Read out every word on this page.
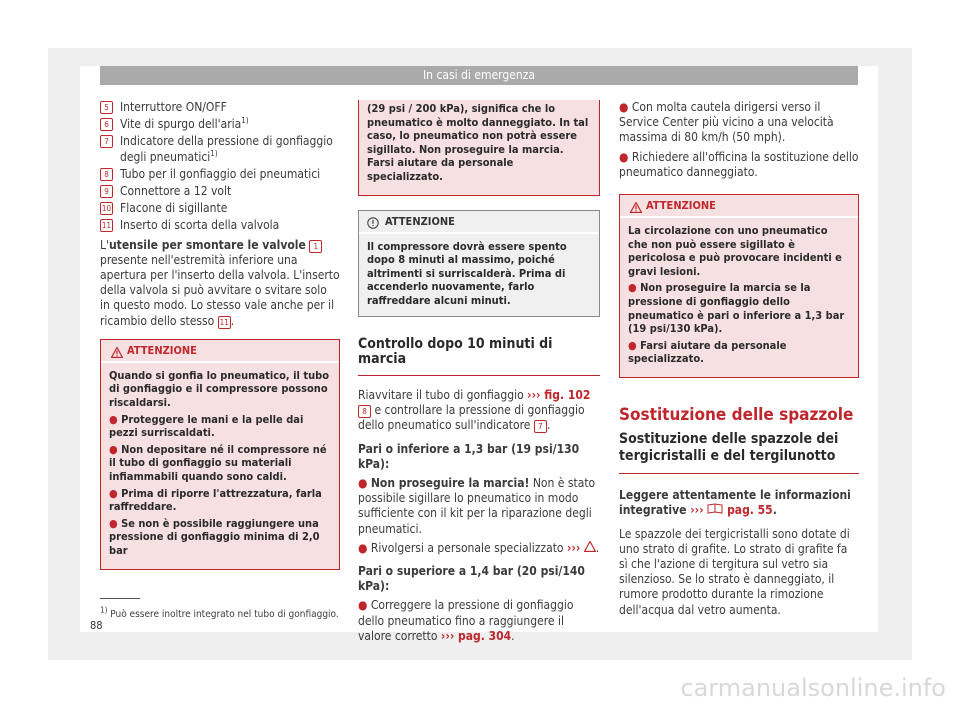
In casi di emergenza
5 Interruttore ON/OFF
6 Vite di spurgo dell'aria$^{1)}$
7 Indicatore della pressione di gonfiaggio degli pneumatici$^{1)}$
8 Tubo per il gonfiaggio dei pneumatici
9 Connettore a 12 volt
10 Flacone di sigillante
11 Inserto di scorta della valvola

L'utensile per smontare le valvole 1 presente nell'estremità inferiore una apertura per l'inserto della valvola. L'inserto della valvola si può avvitare o svitare solo in questo modo. Lo stesso vale anche per il ricambio dello stesso 11 .

ATTENZIONE

Quando si gonfia lo pneumatico, il tubo di gonfiaggio e il compressore possono riscaldarsi.

● Proteggere le mani e la pelle dai pezzi surriscaldati.

● Non depositare né il compressore né il tubo di gonfiaggio su materiali infiammabili quando sono caldi.

● Prima di riporre l'attrezzatura, farla raffreddare.

● Se non è possibile raggiungere una pressione di gonfiaggio minima di 2,0 bar

(29 psi / 200 kPa), significa che lo pneumatico è molto danneggiato. In tal caso, lo pneumatico non potrà essere sigillato. Non proseguire la marcia. Farsi aiutare da personale specializzato.

ATTENZIONE
Il compressore dovrà essere spento dopo 8 minuti al massimo, poiché altrimenti si surriscalderà. Prima di accenderlo nuovamente, farlo raffreddare alcuni minuti.
Controllo dopo 10 minuti di marcia

Riavvitare il tubo di gonfiaggio ››› fig. 102 8 e controllare la pressione di gonfiaggio dello pneumatico sull'indicatore 7 .

Pari o inferiore a 1,3 bar (19 psi/130 kPa):

● Non proseguire la marcia! Non è stato possibile sigillare lo pneumatico in modo sufficiente con il kit per la riparazione degli pneumatici.

● Rivolgersi a personale specializzato ››› .

Pari o superiore a 1,4 bar (20 psi/140 kPa):

● Correggere la pressione di gonfiaggio dello pneumatico fino a raggiungere il valore corretto ››› pag. 304.

● Con molta cautela dirigersi verso il Service Center più vicino a una velocità massima di 80 km/h (50 mph).

● Richiedere all'officina la sostituzione dello pneumatico danneggiato.

ATTENZIONE

La circolazione con uno pneumatico che non può essere sigillato è pericolosa e può provocare incidenti e gravi lesioni.

● Non proseguire la marcia se la pressione di gonfiaggio dello pneumatico è pari o inferiore a 1,3 bar (19 psi/130 kPa).

● Farsi aiutare da personale specializzato.

Sostituzione delle spazzole
Sostituzione delle spazzole dei tergicristalli e del tergilunotto

Leggere attentamente le informazioni integrative ››› pag. 55.

Le spazzole dei tergicristalli sono dotate di uno strato di grafite. Lo strato di grafite fa sì che l'azione di tergitura sul vetro sia silenzioso. Se lo strato è danneggiato, il rumore prodotto durante la rimozione dell'acqua dal vetro aumenta.

$^{1)}$ Può essere inoltre integrato nel tubo di gonfiaggio.
88
carmanualsonline.info
